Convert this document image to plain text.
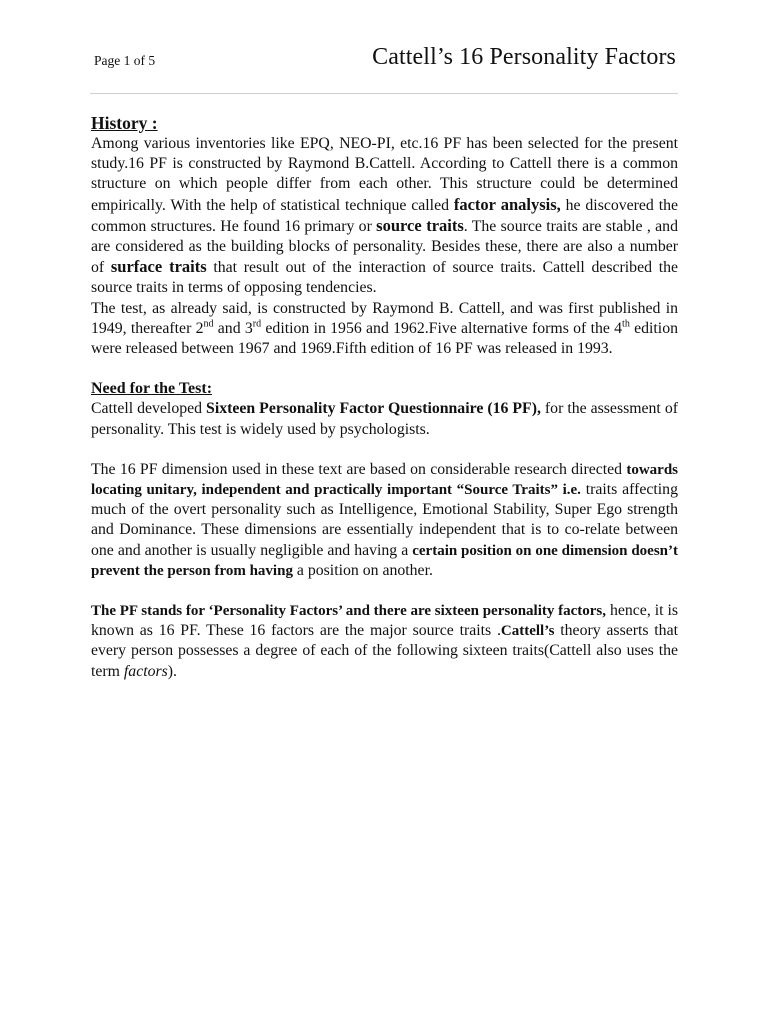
Page 1 of 5	Cattell’s 16 Personality Factors
History :

Among various inventories like EPQ, NEO-PI, etc.16 PF has been selected for the present study.16 PF is constructed by Raymond B.Cattell. According to Cattell there is a common structure on which people differ from each other. This structure could be determined empirically. With the help of statistical technique called factor analysis, he discovered the common structures. He found 16 primary or source traits. The source traits are stable , and are considered as the building blocks of personality. Besides these, there are also a number of surface traits that result out of the interaction of source traits. Cattell described the source traits in terms of opposing tendencies.

The test, as already said, is constructed by Raymond B. Cattell, and was first published in 1949, thereafter 2nd and 3rd edition in 1956 and 1962.Five alternative forms of the 4th edition were released between 1967 and 1969.Fifth edition of 16 PF was released in 1993.

Need for the Test:

Cattell developed Sixteen Personality Factor Questionnaire (16 PF), for the assessment of personality. This test is widely used by psychologists.

The 16 PF dimension used in these text are based on considerable research directed towards locating unitary, independent and practically important “Source Traits” i.e. traits affecting much of the overt personality such as Intelligence, Emotional Stability, Super Ego strength and Dominance. These dimensions are essentially independent that is to co-relate between one and another is usually negligible and having a certain position on one dimension doesn’t prevent the person from having a position on another.

The PF stands for ‘Personality Factors’ and there are sixteen personality factors, hence, it is known as 16 PF. These 16 factors are the major source traits .Cattell’s theory asserts that every person possesses a degree of each of the following sixteen traits(Cattell also uses the term factors).
